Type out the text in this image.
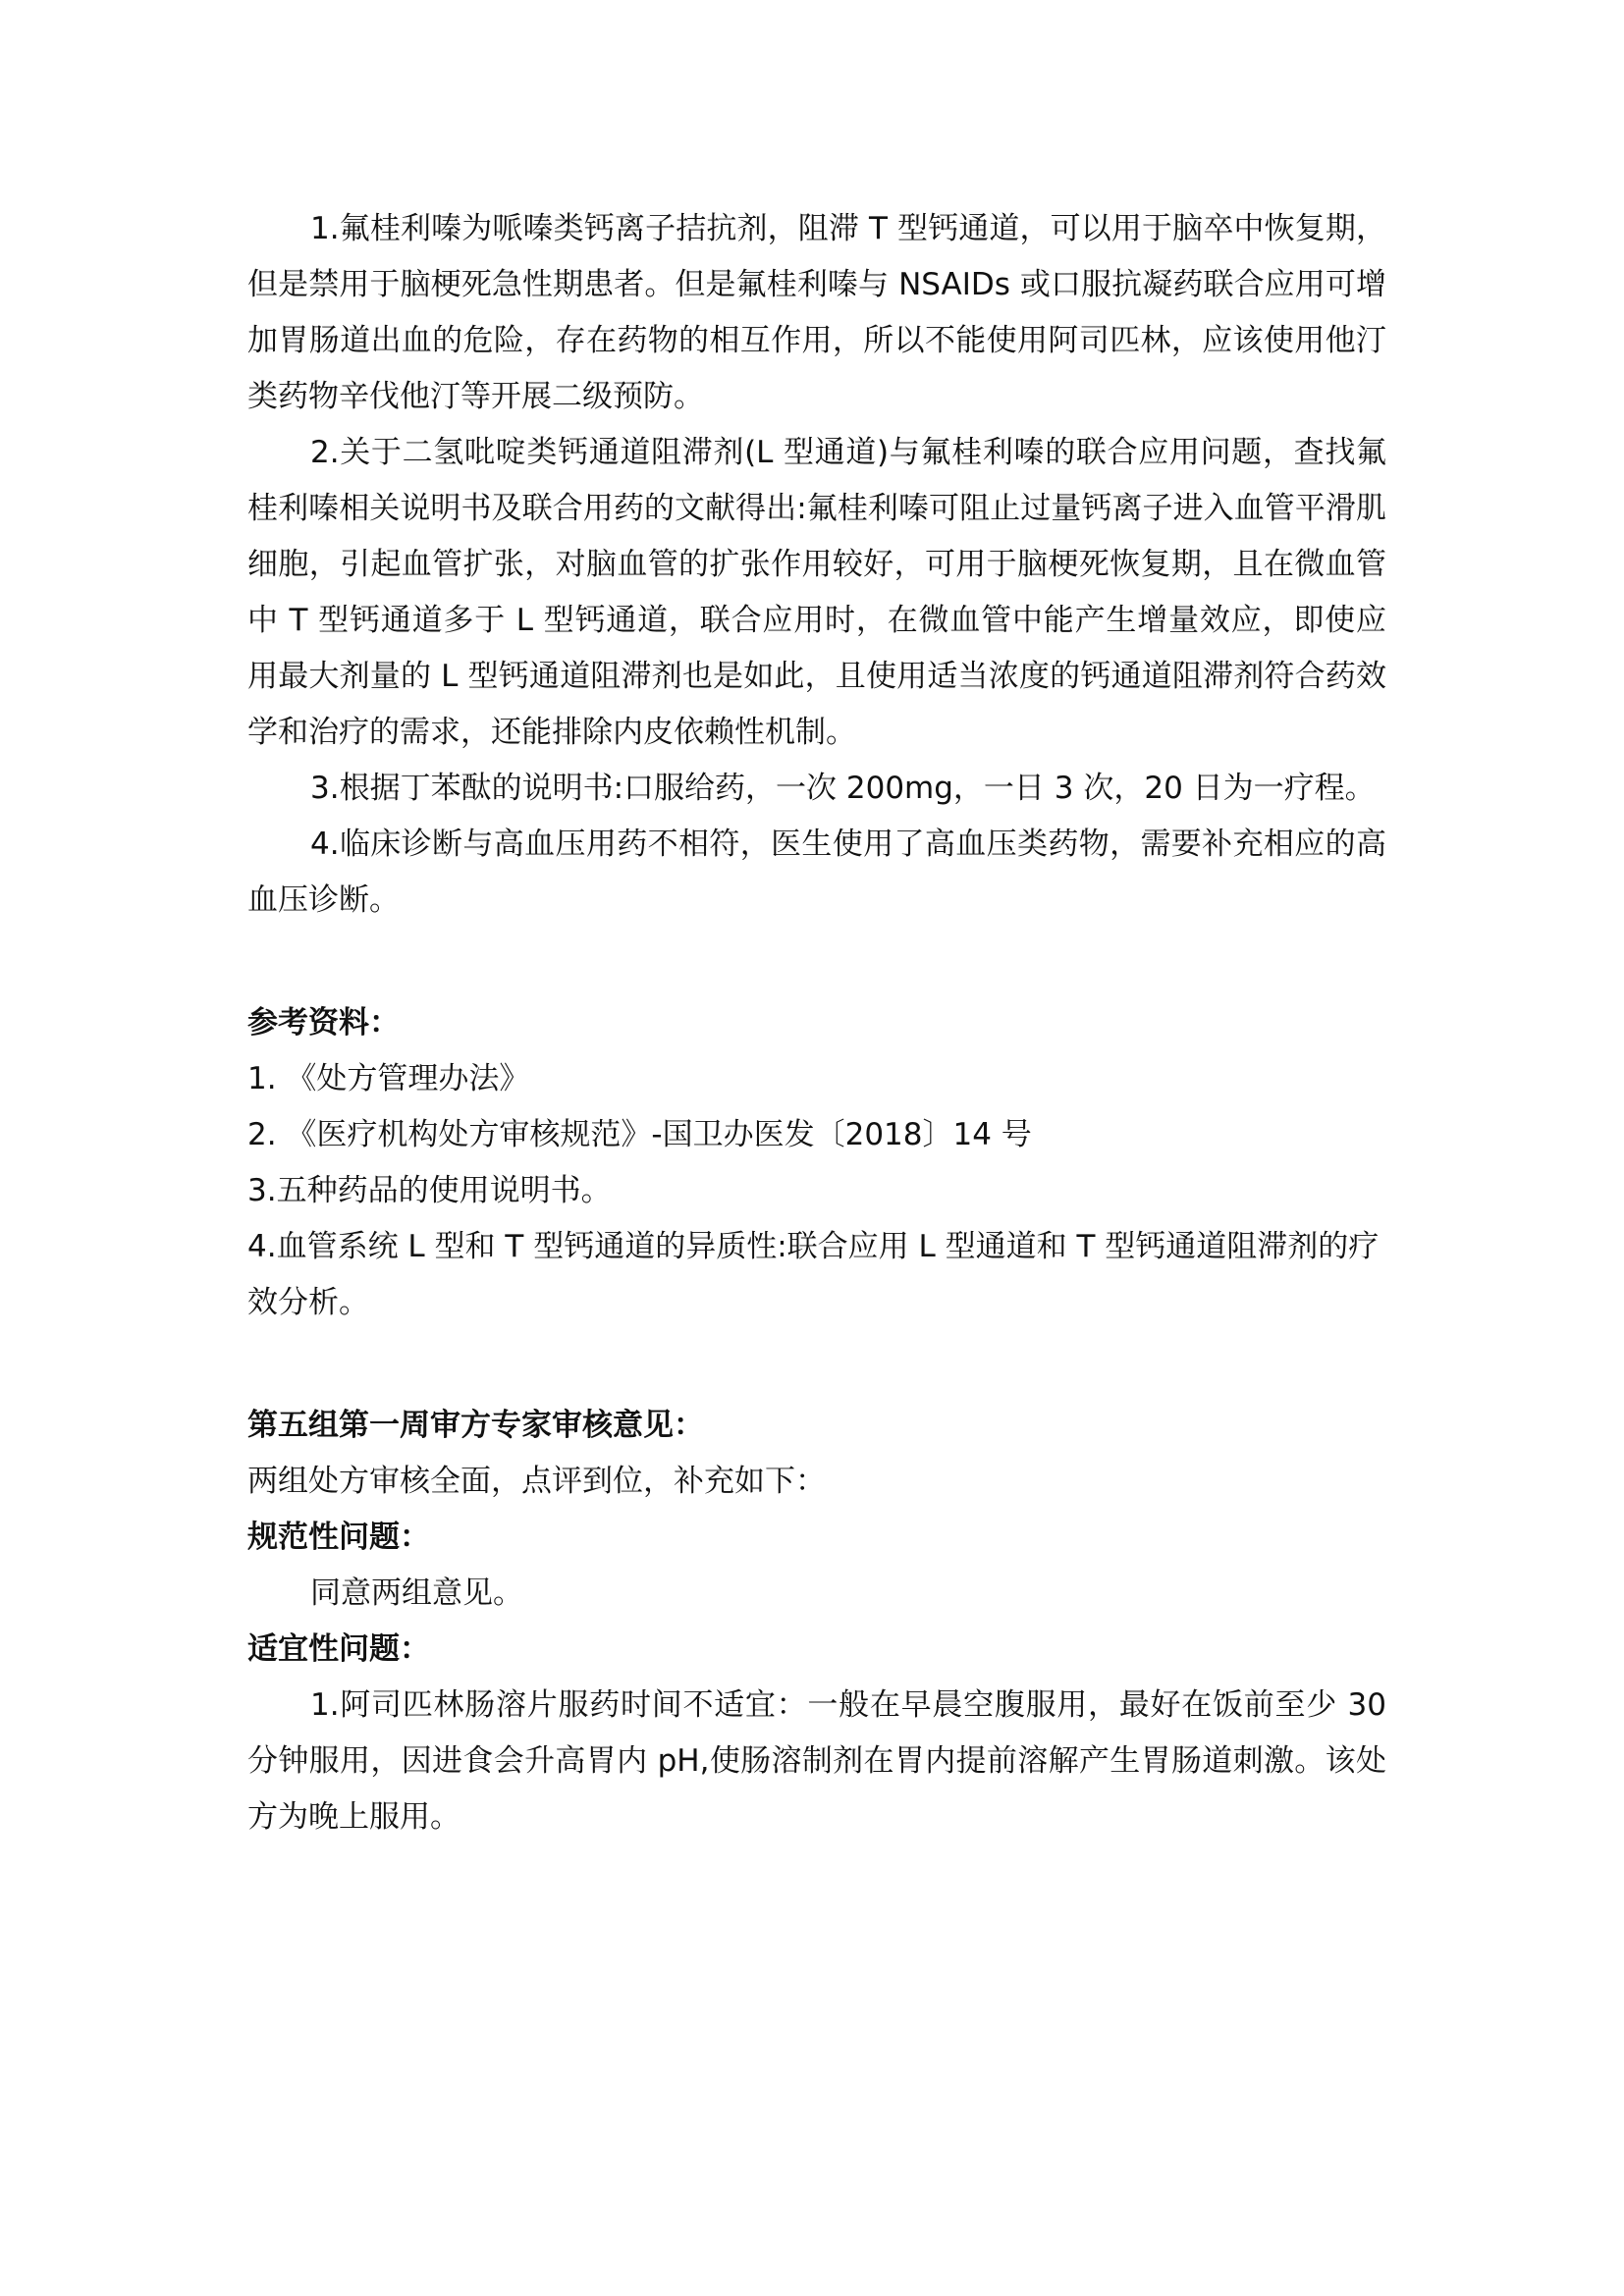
1.氟桂利嗪为哌嗪类钙离子拮抗剂，阻滞 T 型钙通道，可以用于脑卒中恢复期，但是禁用于脑梗死急性期患者。但是氟桂利嗪与 NSAIDs 或口服抗凝药联合应用可增加胃肠道出血的危险，存在药物的相互作用，所以不能使用阿司匹林，应该使用他汀类药物辛伐他汀等开展二级预防。

2.关于二氢吡啶类钙通道阻滞剂(L 型通道)与氟桂利嗪的联合应用问题，查找氟桂利嗪相关说明书及联合用药的文献得出:氟桂利嗪可阻止过量钙离子进入血管平滑肌细胞，引起血管扩张，对脑血管的扩张作用较好，可用于脑梗死恢复期，且在微血管中 T 型钙通道多于 L 型钙通道，联合应用时，在微血管中能产生增量效应，即使应用最大剂量的 L 型钙通道阻滞剂也是如此，且使用适当浓度的钙通道阻滞剂符合药效学和治疗的需求，还能排除内皮依赖性机制。

3.根据丁苯酞的说明书:口服给药，一次 200mg，一日 3 次，20 日为一疗程。

4.临床诊断与高血压用药不相符，医生使用了高血压类药物，需要补充相应的高血压诊断。

参考资料：

1. 《处方管理办法》

2. 《医疗机构处方审核规范》-国卫办医发〔2018〕14 号

3.五种药品的使用说明书。

4.血管系统 L 型和 T 型钙通道的异质性:联合应用 L 型通道和 T 型钙通道阻滞剂的疗效分析。

第五组第一周审方专家审核意见：

两组处方审核全面，点评到位，补充如下：

规范性问题：

同意两组意见。

适宜性问题：

1.阿司匹林肠溶片服药时间不适宜：一般在早晨空腹服用，最好在饭前至少 30 分钟服用，因进食会升高胃内 pH,使肠溶制剂在胃内提前溶解产生胃肠道刺激。该处方为晚上服用。
